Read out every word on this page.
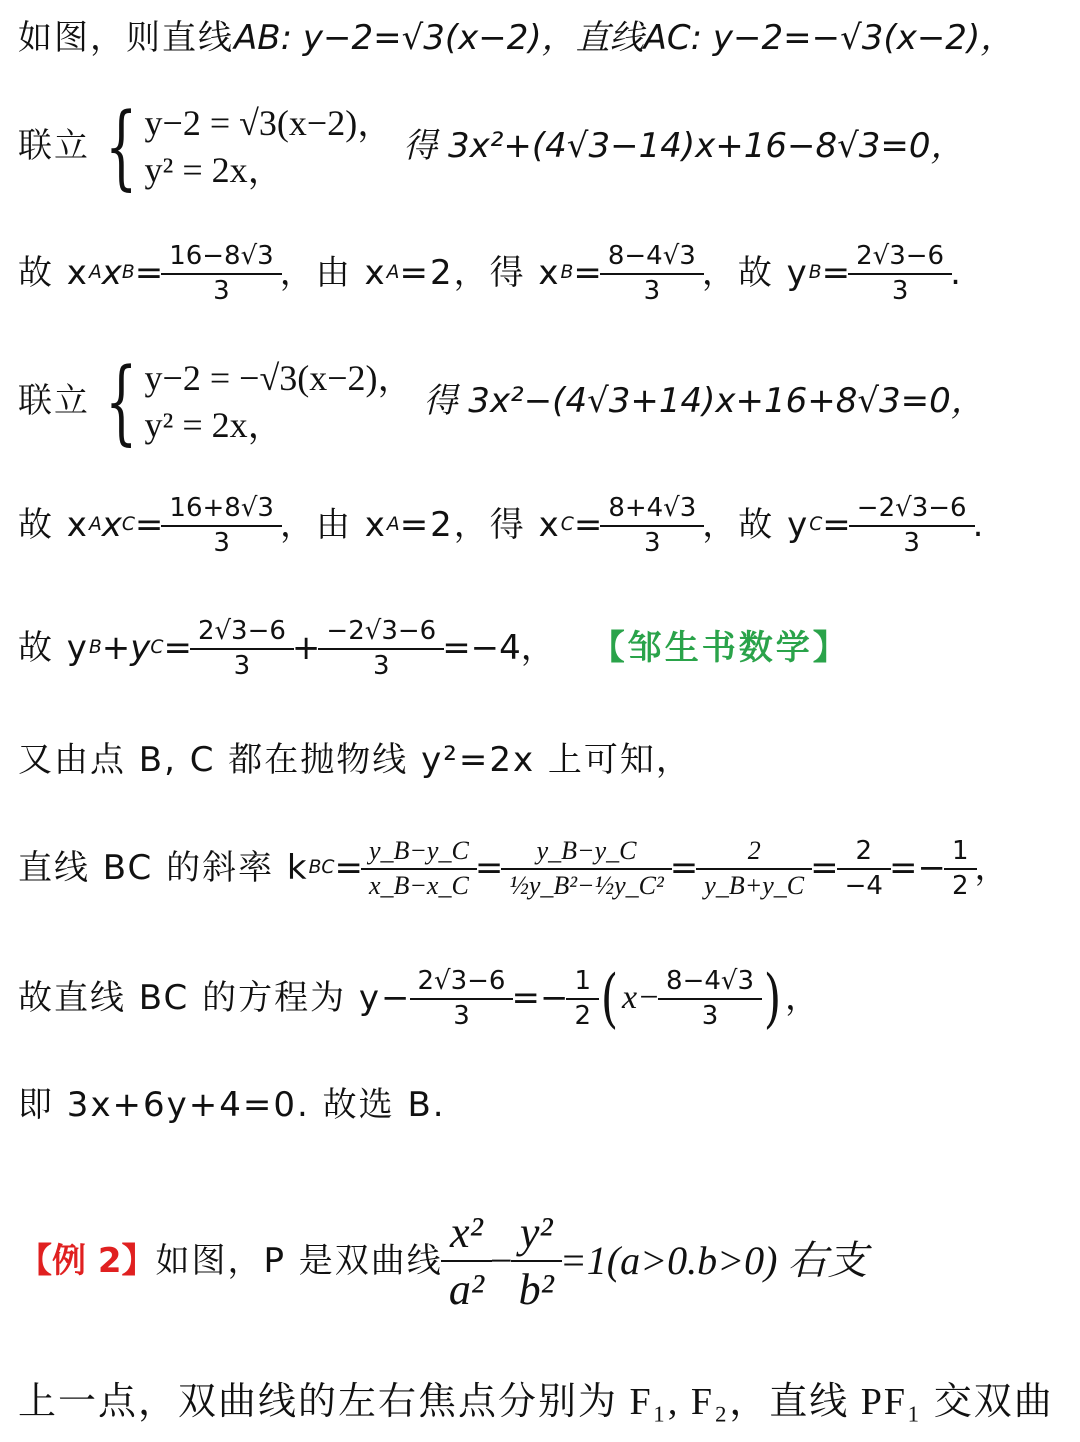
如图，则直线 AB : y−2=√3(x−2)，直线 AC : y−2=−√3(x−2)，
联立 { y−2 = √3(x−2)，
y² = 2x，
得 3x²+(4√3−14)x+16−8√3=0，
故 x A x $B = \frac{16-8√3}{3}$ ，由 x A =2，得 x $B = \frac{8-4√3}{3}$ ，故 y $B = \frac{2√3-6}{3}$ .
联立 { y−2 = −√3(x−2)，
y² = 2x，
得 3x²−(4√3+14)x+16+8√3=0，
故 x A x $C = \frac{16+8√3}{3}$ ，由 x A =2，得 x $C = \frac{8+4√3}{3}$ ，故 y $C = \frac{-2√3-6}{3}$ .
故 y B +y $C = \frac{2√3-6}{3} + \frac{-2√3-6}{3} =-4$， 【邹生书数学】
又由点 B, C 都在抛物线 y²=2x 上可知，
直线 BC 的斜率 k BC = $\frac{y\_B-y\_C}{x\_B-x\_C} = \frac{y\_B-y\_C}{\text{½y\_B²−½y\_C²}} = \frac{2}{y\_B+y\_C} = \frac{2}{-4} =- \frac{1}{2}$ ，
故直线 BC 的方程为 $y- \frac{2√3-6}{3} =- \frac{1}{2}$ ( $x- \frac{8-4√3}{3}$ ) ，
即 3x+6y+4=0. 故选 B.
【例 2】 如图，P 是双曲线 $\frac{\text{x²}}{\text{a²}} - \frac{\text{y²}}{\text{b²}} =1(a>0.b>0)$ 右支
上一点，双曲线的左右焦点分别为 F₁, F₂，直线 PF₁ 交双曲
